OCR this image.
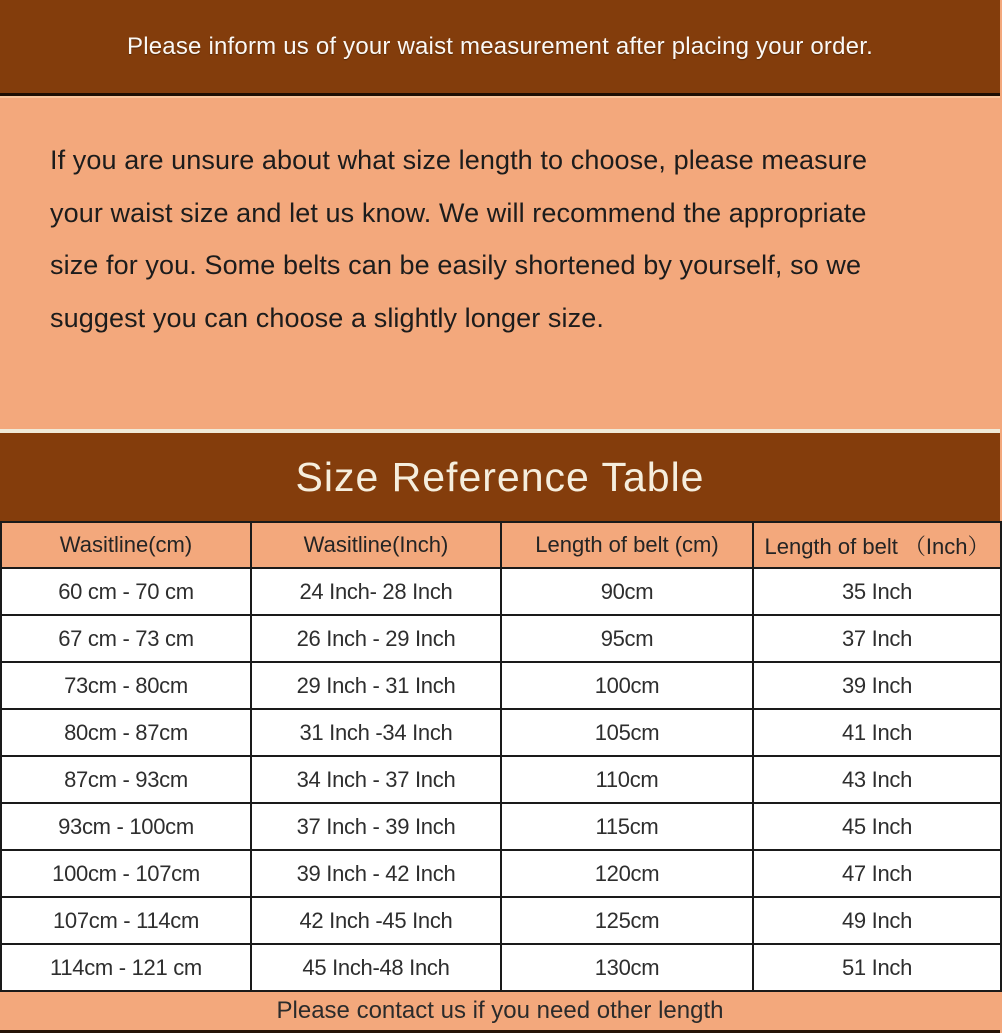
Please inform us of your waist measurement after placing your order.
If you are unsure about what size length to choose, please measure
your waist size and let us know. We will recommend the appropriate
size for you. Some belts can be easily shortened by yourself, so we
suggest you can choose a slightly longer size.
Size Reference Table
Wasitline(cm)	Wasitline(Inch)	Length of belt (cm)	Length of belt （Inch）
60 cm - 70 cm	24 Inch- 28 Inch	90cm	35 Inch
67 cm - 73 cm	26 Inch - 29 Inch	95cm	37 Inch
73cm - 80cm	29 Inch - 31 Inch	100cm	39 Inch
80cm - 87cm	31 Inch -34 Inch	105cm	41 Inch
87cm - 93cm	34 Inch - 37 Inch	110cm	43 Inch
93cm - 100cm	37 Inch - 39 Inch	115cm	45 Inch
100cm - 107cm	39 Inch - 42 Inch	120cm	47 Inch
107cm - 114cm	42 Inch -45 Inch	125cm	49 Inch
114cm - 121 cm	45 Inch-48 Inch	130cm	51 Inch
Please contact us if you need other length
